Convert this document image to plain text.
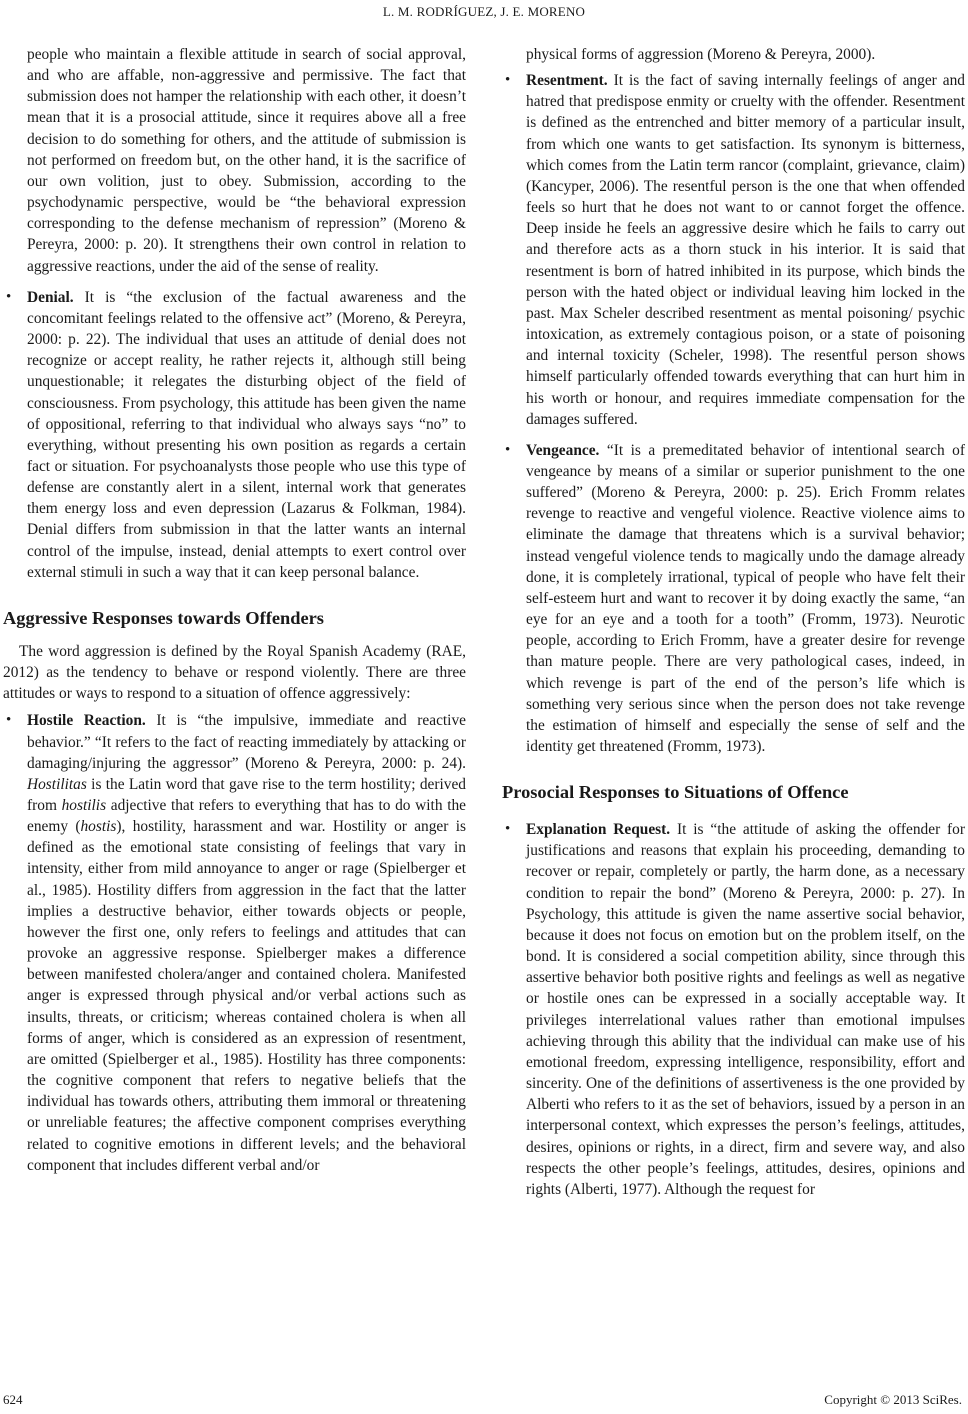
L. M. RODRÍGUEZ, J. E. MORENO

people who maintain a flexible attitude in search of social approval, and who are affable, non-aggressive and permissive. The fact that submission does not hamper the relationship with each other, it doesn’t mean that it is a prosocial attitude, since it requires above all a free decision to do something for others, and the attitude of submission is not performed on freedom but, on the other hand, it is the sacrifice of our own volition, just to obey. Submission, according to the psychodynamic perspective, would be “the behavioral expression corresponding to the defense mechanism of repression” (Moreno & Pereyra, 2000: p. 20). It strengthens their own control in relation to aggressive reactions, under the aid of the sense of reality.

• Denial. It is “the exclusion of the factual awareness and the concomitant feelings related to the offensive act” (Moreno, & Pereyra, 2000: p. 22). The individual that uses an attitude of denial does not recognize or accept reality, he rather rejects it, although still being unquestionable; it relegates the disturbing object of the field of consciousness. From psychology, this attitude has been given the name of oppositional, referring to that individual who always says “no” to everything, without presenting his own position as regards a certain fact or situation. For psychoanalysts those people who use this type of defense are constantly alert in a silent, internal work that generates them energy loss and even depression (Lazarus & Folkman, 1984). Denial differs from submission in that the latter wants an internal control of the impulse, instead, denial attempts to exert control over external stimuli in such a way that it can keep personal balance.

Aggressive Responses towards Offenders

The word aggression is defined by the Royal Spanish Academy (RAE, 2012) as the tendency to behave or respond violently. There are three attitudes or ways to respond to a situation of offence aggressively:

• Hostile Reaction. It is “the impulsive, immediate and reactive behavior.” “It refers to the fact of reacting immediately by attacking or damaging/injuring the aggressor” (Moreno & Pereyra, 2000: p. 24). Hostilitas is the Latin word that gave rise to the term hostility; derived from hostilis adjective that refers to everything that has to do with the enemy (hostis), hostility, harassment and war. Hostility or anger is defined as the emotional state consisting of feelings that vary in intensity, either from mild annoyance to anger or rage (Spielberger et al., 1985). Hostility differs from aggression in the fact that the latter implies a destructive behavior, either towards objects or people, however the first one, only refers to feelings and attitudes that can provoke an aggressive response. Spielberger makes a difference between manifested cholera/anger and contained cholera. Manifested anger is expressed through physical and/or verbal actions such as insults, threats, or criticism; whereas contained cholera is when all forms of anger, which is considered as an expression of resentment, are omitted (Spielberger et al., 1985). Hostility has three components: the cognitive component that refers to negative beliefs that the individual has towards others, attributing them immoral or threatening or unreliable features; the affective component comprises everything related to cognitive emotions in different levels; and the behavioral component that includes different verbal and/or

physical forms of aggression (Moreno & Pereyra, 2000).

• Resentment. It is the fact of saving internally feelings of anger and hatred that predispose enmity or cruelty with the offender. Resentment is defined as the entrenched and bitter memory of a particular insult, from which one wants to get satisfaction. Its synonym is bitterness, which comes from the Latin term rancor (complaint, grievance, claim) (Kancyper, 2006). The resentful person is the one that when offended feels so hurt that he does not want to or cannot forget the offence. Deep inside he feels an aggressive desire which he fails to carry out and therefore acts as a thorn stuck in his interior. It is said that resentment is born of hatred inhibited in its purpose, which binds the person with the hated object or individual leaving him locked in the past. Max Scheler described resentment as mental poisoning/ psychic intoxication, as extremely contagious poison, or a state of poisoning and internal toxicity (Scheler, 1998). The resentful person shows himself particularly offended towards everything that can hurt him in his worth or honour, and requires immediate compensation for the damages suffered.

• Vengeance. “It is a premeditated behavior of intentional search of vengeance by means of a similar or superior punishment to the one suffered” (Moreno & Pereyra, 2000: p. 25). Erich Fromm relates revenge to reactive and vengeful violence. Reactive violence aims to eliminate the damage that threatens which is a survival behavior; instead vengeful violence tends to magically undo the damage already done, it is completely irrational, typical of people who have felt their self-esteem hurt and want to recover it by doing exactly the same, “an eye for an eye and a tooth for a tooth” (Fromm, 1973). Neurotic people, according to Erich Fromm, have a greater desire for revenge than mature people. There are very pathological cases, indeed, in which revenge is part of the end of the person’s life which is something very serious since when the person does not take revenge the estimation of himself and especially the sense of self and the identity get threatened (Fromm, 1973).

Prosocial Responses to Situations of Offence

• Explanation Request. It is “the attitude of asking the offender for justifications and reasons that explain his proceeding, demanding to recover or repair, completely or partly, the harm done, as a necessary condition to repair the bond” (Moreno & Pereyra, 2000: p. 27). In Psychology, this attitude is given the name assertive social behavior, because it does not focus on emotion but on the problem itself, on the bond. It is considered a social competition ability, since through this assertive behavior both positive rights and feelings as well as negative or hostile ones can be expressed in a socially acceptable way. It privileges interrelational values rather than emotional impulses achieving through this ability that the individual can make use of his emotional freedom, expressing intelligence, responsibility, effort and sincerity. One of the definitions of assertiveness is the one provided by Alberti who refers to it as the set of behaviors, issued by a person in an interpersonal context, which expresses the person’s feelings, attitudes, desires, opinions or rights, in a direct, firm and severe way, and also respects the other people’s feelings, attitudes, desires, opinions and rights (Alberti, 1977). Although the request for

624	Copyright © 2013 SciRes.
